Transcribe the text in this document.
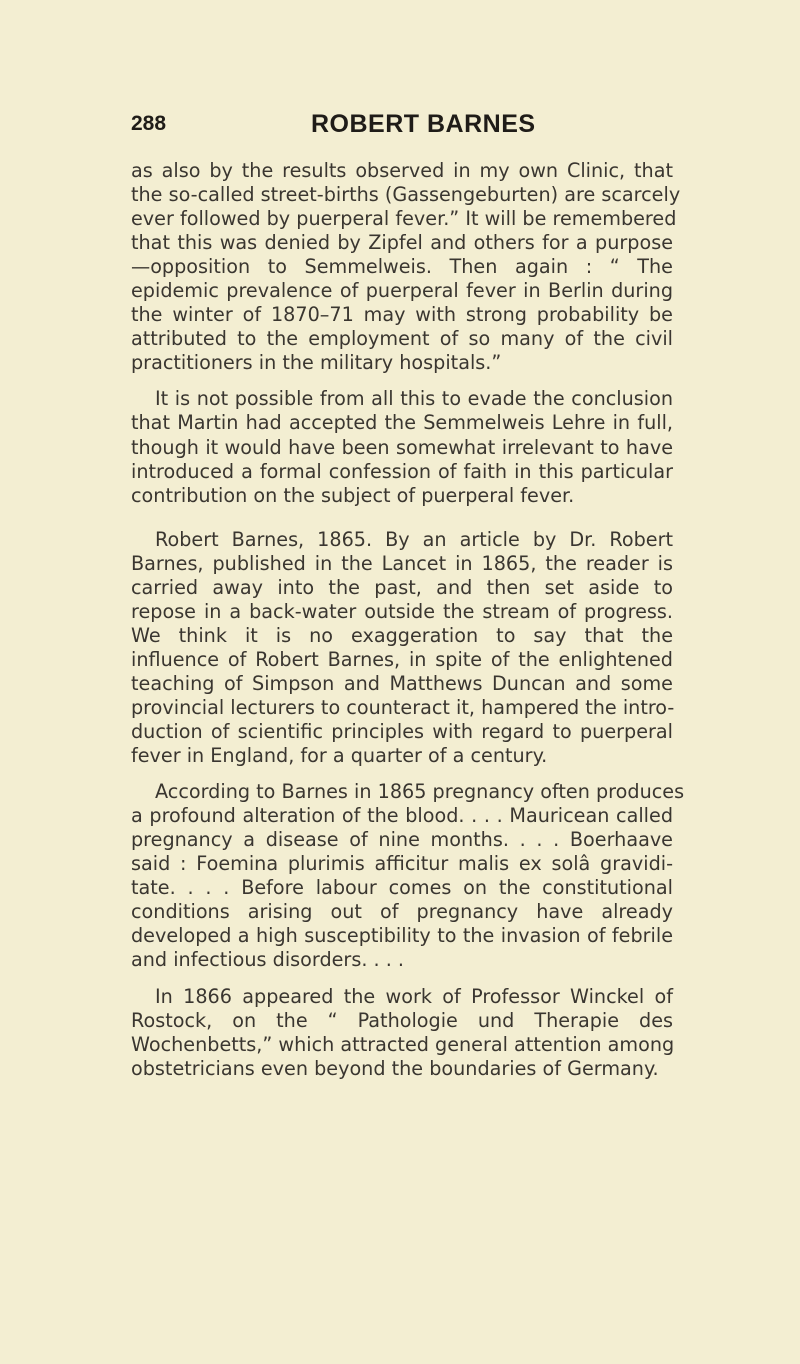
288	ROBERT BARNES

as also by the results observed in my own Clinic, that
the so-called street-births (Gassengeburten) are scarcely
ever followed by puerperal fever.” It will be remembered
that this was denied by Zipfel and others for a purpose
—opposition to Semmelweis. Then again : “ The
epidemic prevalence of puerperal fever in Berlin during
the winter of 1870–71 may with strong probability be
attributed to the employment of so many of the civil
practitioners in the military hospitals.”

It is not possible from all this to evade the conclusion
that Martin had accepted the Semmelweis Lehre in full,
though it would have been somewhat irrelevant to have
introduced a formal confession of faith in this particular
contribution on the subject of puerperal fever.

Robert Barnes, 1865. By an article by Dr. Robert
Barnes, published in the Lancet in 1865, the reader is
carried away into the past, and then set aside to
repose in a back-water outside the stream of progress.
We think it is no exaggeration to say that the
influence of Robert Barnes, in spite of the enlightened
teaching of Simpson and Matthews Duncan and some
provincial lecturers to counteract it, hampered the intro-
duction of scientific principles with regard to puerperal
fever in England, for a quarter of a century.

According to Barnes in 1865 pregnancy often produces
a profound alteration of the blood. . . . Mauricean called
pregnancy a disease of nine months. . . . Boerhaave
said : Foemina plurimis afficitur malis ex solâ gravidi-
tate. . . . Before labour comes on the constitutional
conditions arising out of pregnancy have already
developed a high susceptibility to the invasion of febrile
and infectious disorders. . . .

In 1866 appeared the work of Professor Winckel of
Rostock, on the “ Pathologie und Therapie des
Wochenbetts,” which attracted general attention among
obstetricians even beyond the boundaries of Germany.
